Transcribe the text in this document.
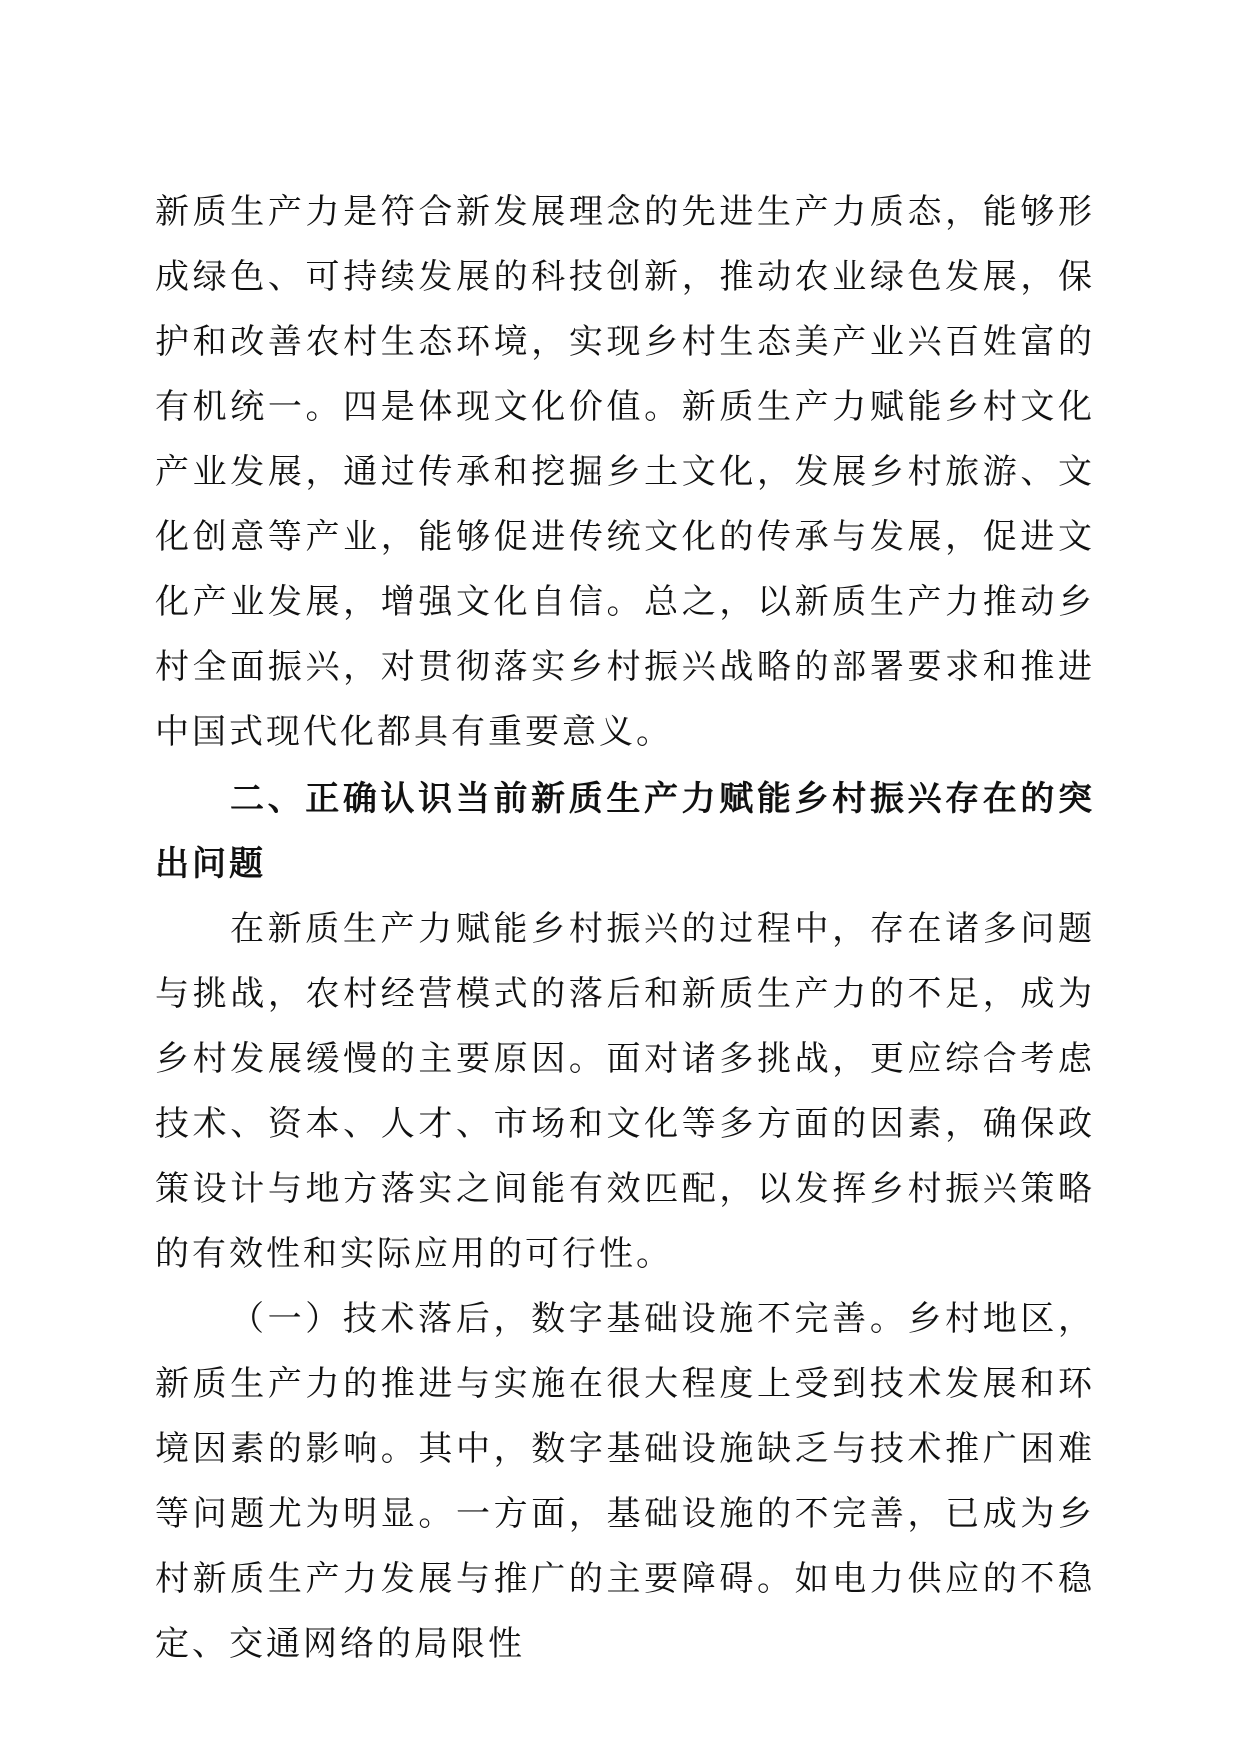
新质生产力是符合新发展理念的先进生产力质态，能够形成绿色、可持续发展的科技创新，推动农业绿色发展，保护和改善农村生态环境，实现乡村生态美产业兴百姓富的有机统一。四是体现文化价值。新质生产力赋能乡村文化产业发展，通过传承和挖掘乡土文化，发展乡村旅游、文化创意等产业，能够促进传统文化的传承与发展，促进文化产业发展，增强文化自信。总之，以新质生产力推动乡村全面振兴，对贯彻落实乡村振兴战略的部署要求和推进中国式现代化都具有重要意义。

二、正确认识当前新质生产力赋能乡村振兴存在的突出问题

在新质生产力赋能乡村振兴的过程中，存在诸多问题与挑战，农村经营模式的落后和新质生产力的不足，成为乡村发展缓慢的主要原因。面对诸多挑战，更应综合考虑技术、资本、人才、市场和文化等多方面的因素，确保政策设计与地方落实之间能有效匹配，以发挥乡村振兴策略的有效性和实际应用的可行性。

（一）技术落后，数字基础设施不完善。乡村地区，新质生产力的推进与实施在很大程度上受到技术发展和环境因素的影响。其中，数字基础设施缺乏与技术推广困难等问题尤为明显。一方面，基础设施的不完善，已成为乡村新质生产力发展与推广的主要障碍。如电力供应的不稳定、交通网络的局限性
